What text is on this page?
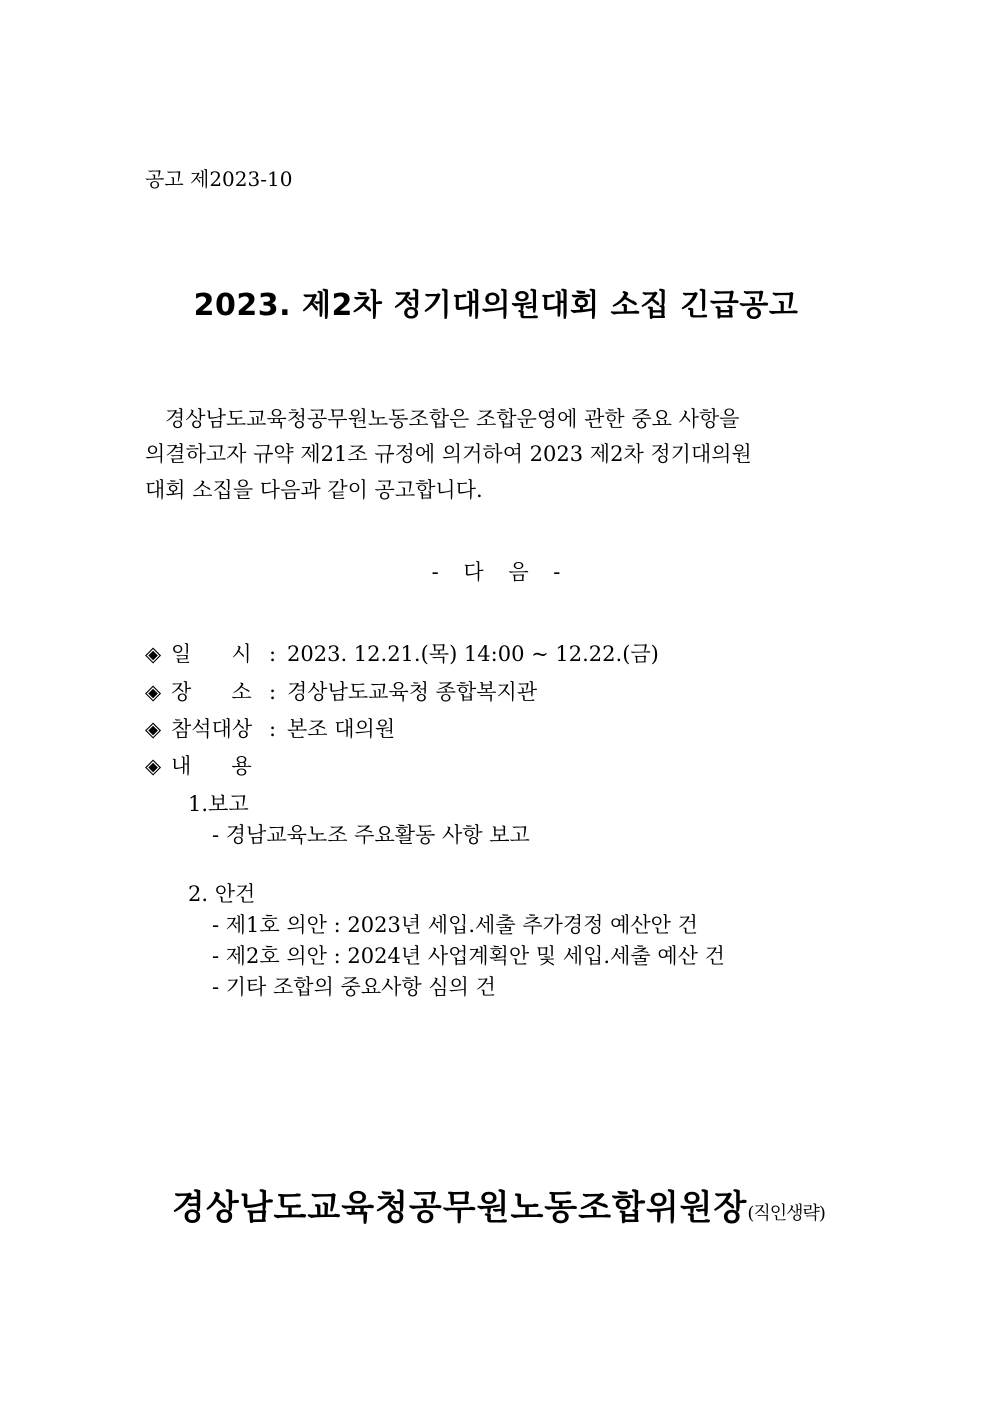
공고 제2023-10
2023. 제2차 정기대의원대회 소집 긴급공고
경상남도교육청공무원노동조합은 조합운영에 관한 중요 사항을
의결하고자 규약 제21조 규정에 의거하여 2023 제2차 정기대의원
대회 소집을 다음과 같이 공고합니다.
- 다 음 -
◈ 일      시 : 2023. 12.21.(목) 14:00 ~ 12.22.(금)
◈ 장      소 : 경상남도교육청 종합복지관
◈ 참석대상 : 본조 대의원
◈ 내      용
1.보고
- 경남교육노조 주요활동 사항 보고
2. 안건
- 제1호 의안 : 2023년 세입.세출 추가경정 예산안 건
- 제2호 의안 : 2024년 사업계획안 및 세입.세출 예산 건
- 기타 조합의 중요사항 심의 건
경상남도교육청공무원노동조합위원장(직인생략)
